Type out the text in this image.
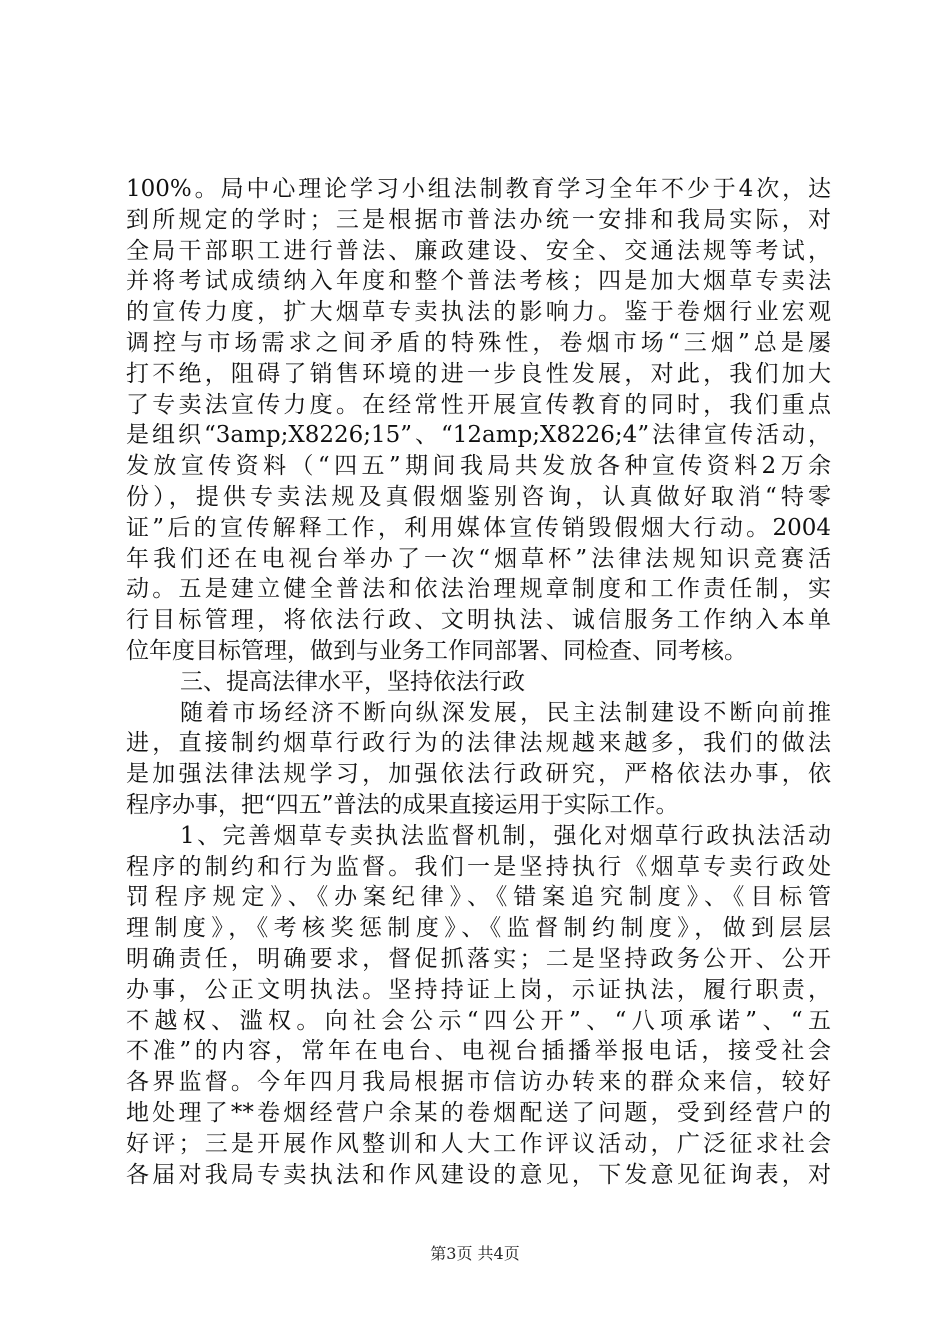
100%。局中心理论学习小组法制教育学习全年不少于4次，达
到所规定的学时；三是根据市普法办统一安排和我局实际，对
全局干部职工进行普法、廉政建设、安全、交通法规等考试，
并将考试成绩纳入年度和整个普法考核；四是加大烟草专卖法
的宣传力度，扩大烟草专卖执法的影响力。鉴于卷烟行业宏观
调控与市场需求之间矛盾的特殊性，卷烟市场“三烟”总是屡
打不绝，阻碍了销售环境的进一步良性发展，对此，我们加大
了专卖法宣传力度。在经常性开展宣传教育的同时，我们重点
是组织“3amp;X8226;15”、“12amp;X8226;4”法律宣传活动，
发放宣传资料（“四五”期间我局共发放各种宣传资料2万余
份），提供专卖法规及真假烟鉴别咨询，认真做好取消“特零
证”后的宣传解释工作，利用媒体宣传销毁假烟大行动。2004
年我们还在电视台举办了一次“烟草杯”法律法规知识竞赛活
动。五是建立健全普法和依法治理规章制度和工作责任制，实
行目标管理，将依法行政、文明执法、诚信服务工作纳入本单
位年度目标管理，做到与业务工作同部署、同检查、同考核。
三、提高法律水平，坚持依法行政
随着市场经济不断向纵深发展，民主法制建设不断向前推
进，直接制约烟草行政行为的法律法规越来越多，我们的做法
是加强法律法规学习，加强依法行政研究，严格依法办事，依
程序办事，把“四五”普法的成果直接运用于实际工作。
1、完善烟草专卖执法监督机制，强化对烟草行政执法活动
程序的制约和行为监督。我们一是坚持执行《烟草专卖行政处
罚程序规定》、《办案纪律》、《错案追究制度》、《目标管
理制度》，《考核奖惩制度》、《监督制约制度》，做到层层
明确责任，明确要求，督促抓落实；二是坚持政务公开、公开
办事，公正文明执法。坚持持证上岗，示证执法，履行职责，
不越权、滥权。向社会公示“四公开”、“八项承诺”、“五
不准”的内容，常年在电台、电视台插播举报电话，接受社会
各界监督。今年四月我局根据市信访办转来的群众来信，较好
地处理了**卷烟经营户余某的卷烟配送了问题，受到经营户的
好评；三是开展作风整训和人大工作评议活动，广泛征求社会
各届对我局专卖执法和作风建设的意见，下发意见征询表，对
第3页 共4页
